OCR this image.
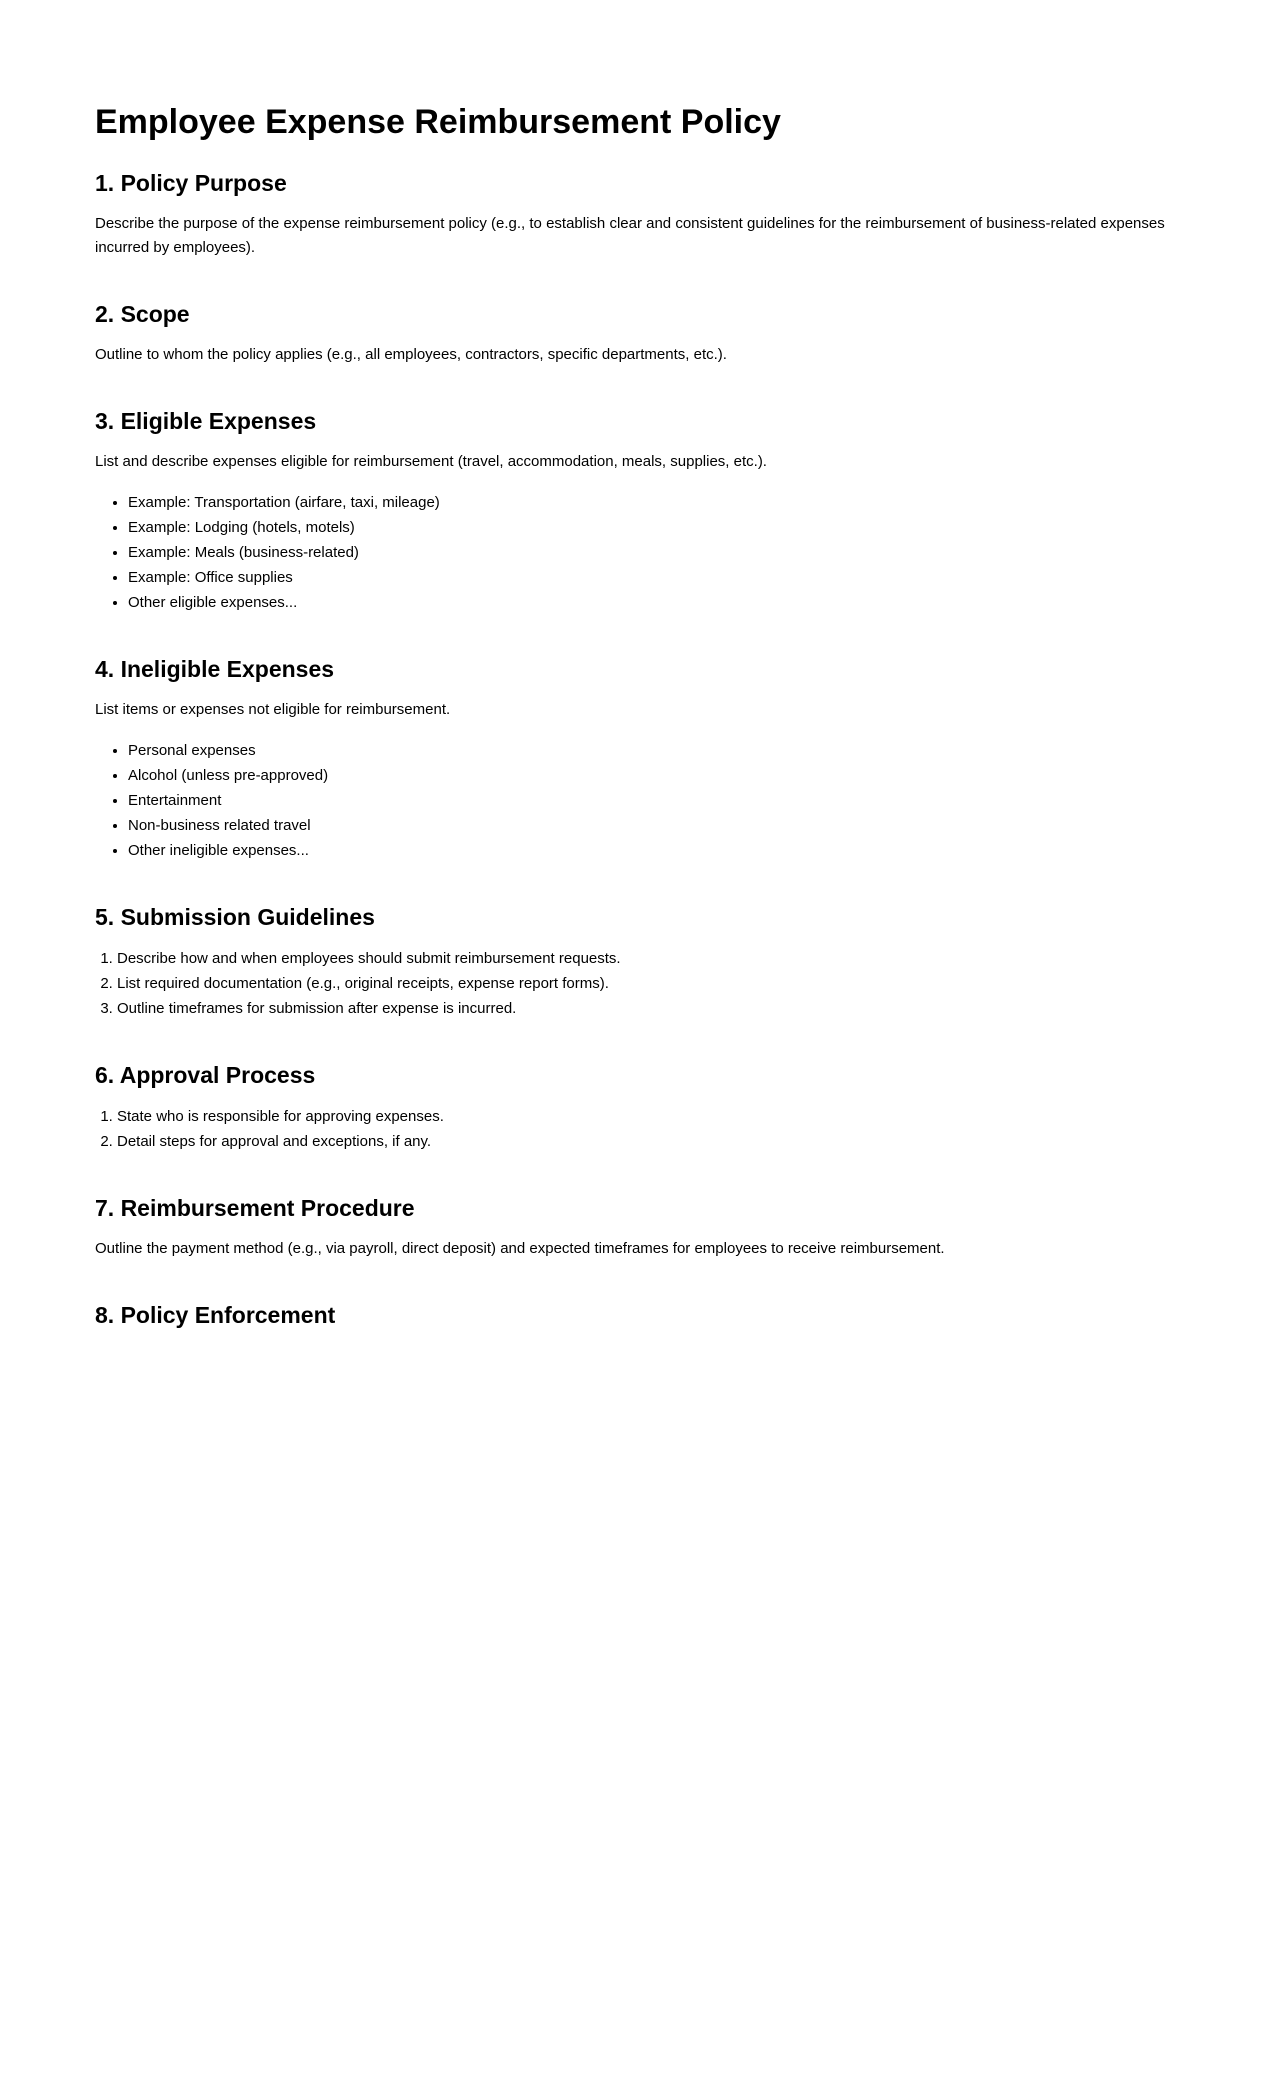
Employee Expense Reimbursement Policy
1. Policy Purpose

Describe the purpose of the expense reimbursement policy (e.g., to establish clear and consistent guidelines for the reimbursement of business-related expenses incurred by employees).

2. Scope

Outline to whom the policy applies (e.g., all employees, contractors, specific departments, etc.).

3. Eligible Expenses

List and describe expenses eligible for reimbursement (travel, accommodation, meals, supplies, etc.).

• Example: Transportation (airfare, taxi, mileage)
• Example: Lodging (hotels, motels)
• Example: Meals (business-related)
• Example: Office supplies
• Other eligible expenses...
4. Ineligible Expenses

List items or expenses not eligible for reimbursement.

• Personal expenses
• Alcohol (unless pre-approved)
• Entertainment
• Non-business related travel
• Other ineligible expenses...
5. Submission Guidelines
1. Describe how and when employees should submit reimbursement requests.
2. List required documentation (e.g., original receipts, expense report forms).
3. Outline timeframes for submission after expense is incurred.
6. Approval Process
1. State who is responsible for approving expenses.
2. Detail steps for approval and exceptions, if any.
7. Reimbursement Procedure

Outline the payment method (e.g., via payroll, direct deposit) and expected timeframes for employees to receive reimbursement.

8. Policy Enforcement
